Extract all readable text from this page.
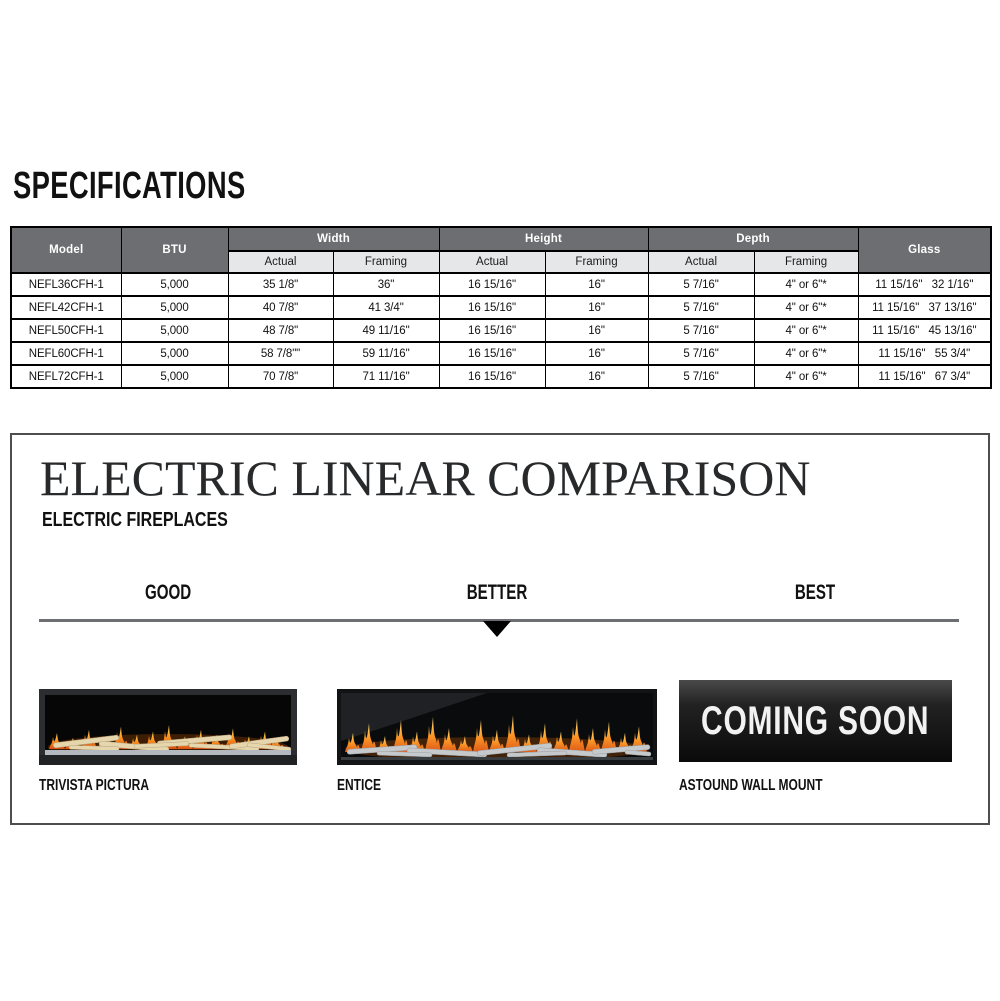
SPECIFICATIONS
Model	BTU	Width		Height		Depth		Glass
		Actual	Framing	Actual	Framing	Actual	Framing	
NEFL36CFH-1	5,000	35 1/8"	36"	16 15/16"	16"	5 7/16"	4" or 6"*	11 15/16"   32 1/16"
NEFL42CFH-1	5,000	40 7/8"	41 3/4"	16 15/16"	16"	5 7/16"	4" or 6"*	11 15/16"   37 13/16"
NEFL50CFH-1	5,000	48 7/8"	49 11/16"	16 15/16"	16"	5 7/16"	4" or 6"*	11 15/16"   45 13/16"
NEFL60CFH-1	5,000	58 7/8""	59 11/16"	16 15/16"	16"	5 7/16"	4" or 6"*	11 15/16"   55 3/4"
NEFL72CFH-1	5,000	70 7/8"	71 11/16"	16 15/16"	16"	5 7/16"	4" or 6"*	11 15/16"   67 3/4"
ELECTRIC LINEAR COMPARISON
ELECTRIC FIREPLACES
GOOD	BETTER	BEST
COMING SOON
TRIVISTA PICTURA	ENTICE	ASTOUND WALL MOUNT
